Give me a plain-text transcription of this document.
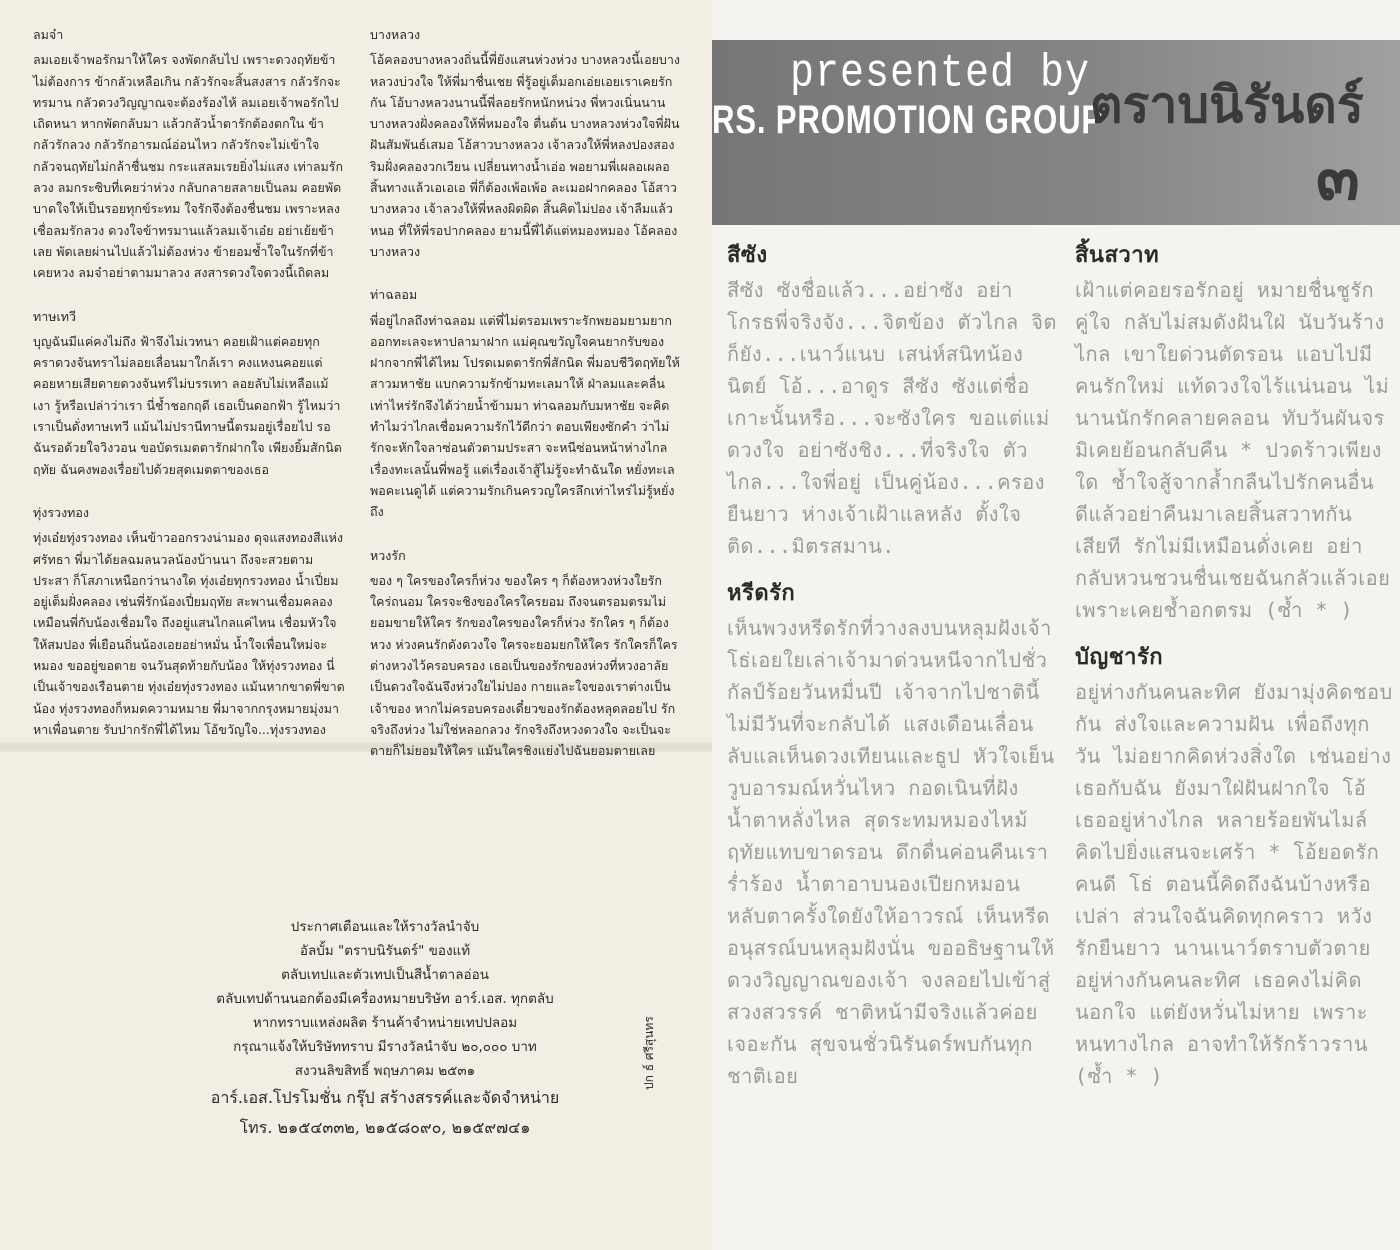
ลมจ๋า

ลมเอยเจ้าพอรักมาให้ใคร จงพัดกลับไป เพราะดวงฤทัยข้าไม่ต้องการ ข้ากลัวเหลือเกิน กลัวรักจะสิ้นสงสาร กลัวรักจะทรมาน กลัวดวงวิญญาณจะต้องร้องไห้ ลมเอยเจ้าพอรักไปเถิดหนา หากพัดกลับมา แล้วกลัวน้ำตารักต้องตกใน ข้ากลัวรักลวง กลัวรักอารมณ์อ่อนไหว กลัวรักจะไม่เข้าใจ กลัวจนฤทัยไม่กล้าชื่นชม กระแสลมเรยยิ่งไม่แสง เท่าลมรักลวง ลมกระซิบที่เคยว่าห่วง กลับกลายสลายเป็นลม คอยพัดบาดใจให้เป็นรอยทุกข์ระทม ใจรักจึงต้องชื่นชม เพราะหลงเชื่อลมรักลวง ดวงใจข้าทรมานแล้วลมเจ้าเอ๋ย อย่าเย้ยข้าเลย พัดเลยผ่านไปแล้วไม่ต้องห่วง ข้ายอมช้ำใจในรักที่ข้าเคยหวง ลมจ๋าอย่าตามมาลวง สงสารดวงใจดวงนี้เถิดลม

ทาษเทวี

บุญฉันมีแค่คงไม่ถึง ฟ้าจึงไม่เวทนา คอยเฝ้าแต่คอยทุกคราดวงจันทราไม่ลอยเลื่อนมาใกล้เรา คงแหงนคอยแต่คอยหายเสียดายดวงจันทร์ไม่บรรเทา ลอยลับไม่เหลือแม้เงา รู้หรือเปล่าว่าเรา นี่ช้ำชอกฤดี เธอเป็นดอกฟ้า รู้ไหมว่าเราเป็นดั่งทาษเทวี แม้นไม่ปรานีทาษนี้ตรมอยู่เรื่อยไป รอฉันรอด้วยใจวิงวอน ขอบัดรเมตตารักฝากใจ เพียงยิ้มสักนิดฤทัย ฉันคงพองเรื่อยไปด้วยสุดเมตตาของเธอ

ทุ่งรวงทอง

ทุ่งเอ๋ยทุ่งรวงทอง เห็นข้าวออกรวงน่ามอง ดุจแสงทองสีแห่งศรัทธา พี่มาได้ยลฉมลนวลน้องบ้านนา ถึงจะสวยตามประสา ก็โสภาเหนือกว่านางใด ทุ่งเอ๋ยทุกรวงทอง น้ำเปี่ยมอยู่เต็มฝั่งคลอง เช่นพี่รักน้องเปี่ยมฤทัย สะพานเชื่อมคลองเหมือนพี่กับน้องเชื่อมใจ ถึงอยู่แสนไกลแค่ไหน เชื่อมหัวใจให้สมปอง พี่เยือนถิ่นน้องเอยอย่าหมั่น น้ำใจเพื่อนใหม่จะหมอง ขออยู่ขอตาย จนวันสุดท้ายกับน้อง ให้ทุ่งรวงทอง นี่เป็นเจ้าของเรือนตาย ทุ่งเอ๋ยทุ่งรวงทอง แม้นหากขาดพี่ขาดน้อง ทุ่งรวงทองก็หมดความหมาย พี่มาจากกรุงหมายมุ่งมาหาเพื่อนตาย รับปากรักพี่ได้ไหม โอ้ขวัญใจ...ทุ่งรวงทอง

บางหลวง

โอ้คลองบางหลวงถิ่นนี้พี่ยังแสนห่วงห่วง บางหลวงนี้เอยบางหลวงบ่วงใจ ให้พี่มาชื่นเชย พี่รู้อยู่เต็มอกเอ่ยเอยเราเคยรักกัน โอ้บางหลวงนานนี้พี่ลอยรักหนักหน่วง พี่หวงเนิ่นนานบางหลวงฝั่งคลองให้พี่หมองใจ ตื่นต้น บางหลวงห่วงใจพี่ฝันฝันสัมพันธ์เสมอ โอ้สาวบางหลวง เจ้าลวงให้พี่หลงปองสองริมฝั่งคลองวกเวียน เปลี่ยนทางน้ำเอ่อ พอยามพี่เผลอเผลอสิ้นทางแล้วเอเอเอ พี่ก็ต้องเพ้อเพ้อ ละเมอฝากคลอง โอ้สาวบางหลวง เจ้าลวงให้พี่หลงผิดผิด สิ้นคิดไม่ปอง เจ้าลืมแล้วหนอ ที่ให้พี่รอปากคลอง ยามนี้พี่ได้แต่หมองหมอง โอ้คลองบางหลวง

ท่าฉลอม

พี่อยู่ไกลถึงท่าฉลอม แต่พี่ไม่ตรอมเพราะรักพยอมยามยากออกทะเลจะหาปลามาฝาก แม่คุณขวัญใจคนยากรับของฝากจากพี่ได้ไหม โปรดเมตตารักพี่สักนิด พี่มอบชีวิตฤทัยให้สาวมหาชัย แบกความรักข้ามทะเลมาให้ ฝ่าลมและคลื่นเท่าไหร่รักจึงได้ว่ายน้ำข้ามมา ท่าฉลอมกับมหาชัย จะคิดทำไมว่าไกลเชื่อมความรักไว้ดีกว่า ตอบเพียงซักคำ ว่าไม่รักจะหักใจลาซ่อนตัวตามประสา จะหนีซ่อนหน้าห่างไกล เรื่องทะเลนั้นพี่พอรู้ แต่เรื่องเจ้าสู้ไม่รู้จะทำฉันใด หยั่งทะเลพอคะเนดูได้ แต่ความรักเกินครวญใครลึกเท่าไหร่ไม่รู้หยั่งถึง

หวงรัก

ของ ๆ ใครของใครก็ห่วง ของใคร ๆ ก็ต้องหวงห่วงใยรักใคร่ถนอม ใครจะชิงของใครใครยอม ถึงจนตรอมตรมไม่ยอมขายให้ใคร รักของใครของใครก็ห่วง รักใคร ๆ ก็ต้องหวง ห่วงคนรักดังดวงใจ ใครจะยอมยกให้ใคร รักใครก็ใครต่างหวงไว้ครอบครอง เธอเป็นของรักของห่วงที่หวงอาลัย เป็นดวงใจฉันจึงห่วงใยไม่ปอง กายและใจของเราต่างเป็นเจ้าของ หากไม่ครอบครองเดี๋ยวของรักต้องหลุดลอยไป รักจริงถึงห่วง ไม่ใช่หลอกลวง รักจริงถึงหวงดวงใจ จะเป็นจะตายก็ไม่ยอมให้ใคร แม้นใครชิงแย่งไปฉันยอมตายเลย

ประกาศเตือนและให้รางวัลนำจับ
อัลบั้ม "ตราบนิรันดร์" ของแท้
ตลับเทปและตัวเทปเป็นสีน้ำตาลอ่อน
ตลับเทปด้านนอกต้องมีเครื่องหมายบริษัท อาร์.เอส. ทุกตลับ
หากทราบแหล่งผลิต ร้านค้าจำหน่ายเทปปลอม
กรุณาแจ้งให้บริษัททราบ มีรางวัลนำจับ ๒๐,๐๐๐ บาท
สงวนลิขสิทธิ์ พฤษภาคม ๒๕๓๑
อาร์.เอส.โปรโมชั่น กรุ๊ป สร้างสรรค์และจัดจำหน่าย
โทร. ๒๑๕๔๓๓๒, ๒๑๕๘๐๙๐, ๒๑๕๙๗๔๑
ปก ธ์ ศรีสุนทร
presented by
RS. PROMOTION GROUP
ตราบนิรันดร์
๓
สีซัง

สีซัง ซังชื่อแล้ว...อย่าซัง อย่าโกรธพี่จริงจัง...จิตข้อง ตัวไกล จิตก็ยัง...เนาว์แนบ เสน่ห์สนิทน้องนิตย์ โอ้...อาดูร สีซัง ซังแต่ชื่อ เกาะนั้นหรือ...จะซังใคร ขอแต่แม่ดวงใจ อย่าซังชิง...ที่จริงใจ ตัวไกล...ใจพี่อยู่ เป็นคู่น้อง...ครองยืนยาว ห่างเจ้าเฝ้าแลหลัง ตั้งใจติด...มิตรสมาน.

หรีดรัก

เห็นพวงหรีดรักที่วางลงบนหลุมฝังเจ้า โธ่เอยใยเล่าเจ้ามาด่วนหนีจากไปชั่วกัลป์ร้อยวันหมื่นปี เจ้าจากไปชาตินี้ไม่มีวันที่จะกลับได้ แสงเดือนเลื่อนลับแลเห็นดวงเทียนและธูป หัวใจเย็นวูบอารมณ์หวั่นไหว กอดเนินที่ฝังน้ำตาหลั่งไหล สุดระทมหมองไหม้ฤทัยแทบขาดรอน ดึกดื่นค่อนคืนเราร่ำร้อง น้ำตาอาบนองเปียกหมอน หลับตาครั้งใดยังให้อาวรณ์ เห็นหรีดอนุสรณ์บนหลุมฝังนั่น ขออธิษฐานให้ดวงวิญญาณของเจ้า จงลอยไปเข้าสู่สวงสวรรค์ ชาติหน้ามีจริงแล้วค่อยเจอะกัน สุขจนชั่วนิรันดร์พบกันทุกชาติเอย

สิ้นสวาท

เฝ้าแต่คอยรอรักอยู่ หมายชื่นชูรักคู่ใจ กลับไม่สมดังฝันใฝ่ นับวันร้างไกล เขาใยด่วนตัดรอน แอบไปมีคนรักใหม่ แท้ดวงใจไร้แน่นอน ไม่นานนักรักคลายคลอน ทับวันผันจร มิเคยย้อนกลับคืน * ปวดร้าวเพียงใด ช้ำใจสู้จากล้ำกลืนไปรักคนอื่น ดีแล้วอย่าคืนมาเลยสิ้นสวาทกันเสียที รักไม่มีเหมือนดั่งเคย อย่ากลับหวนชวนชื่นเชยฉันกลัวแล้วเอย เพราะเคยช้ำอกตรม (ซ้ำ * )

บัญชารัก

อยู่ห่างกันคนละทิศ ยังมามุ่งคิดชอบกัน ส่งใจและความฝัน เพื่อถึงทุกวัน ไม่อยากคิดห่วงสิ่งใด เช่นอย่างเธอกับฉัน ยังมาใฝ่ฝันฝากใจ โอ้เธออยู่ห่างไกล หลายร้อยพันไมล์ คิดไปยิ่งแสนจะเศร้า * โอ้ยอดรักคนดี โธ่ ตอนนี้คิดถึงฉันบ้างหรือเปล่า ส่วนใจฉันคิดทุกคราว หวังรักยืนยาว นานเนาว์ตราบตัวตาย อยู่ห่างกันคนละทิศ เธอคงไม่คิดนอกใจ แต่ยังหวั่นไม่หาย เพราะหนทางไกล อาจทำให้รักร้าวราน (ซ้ำ * )
